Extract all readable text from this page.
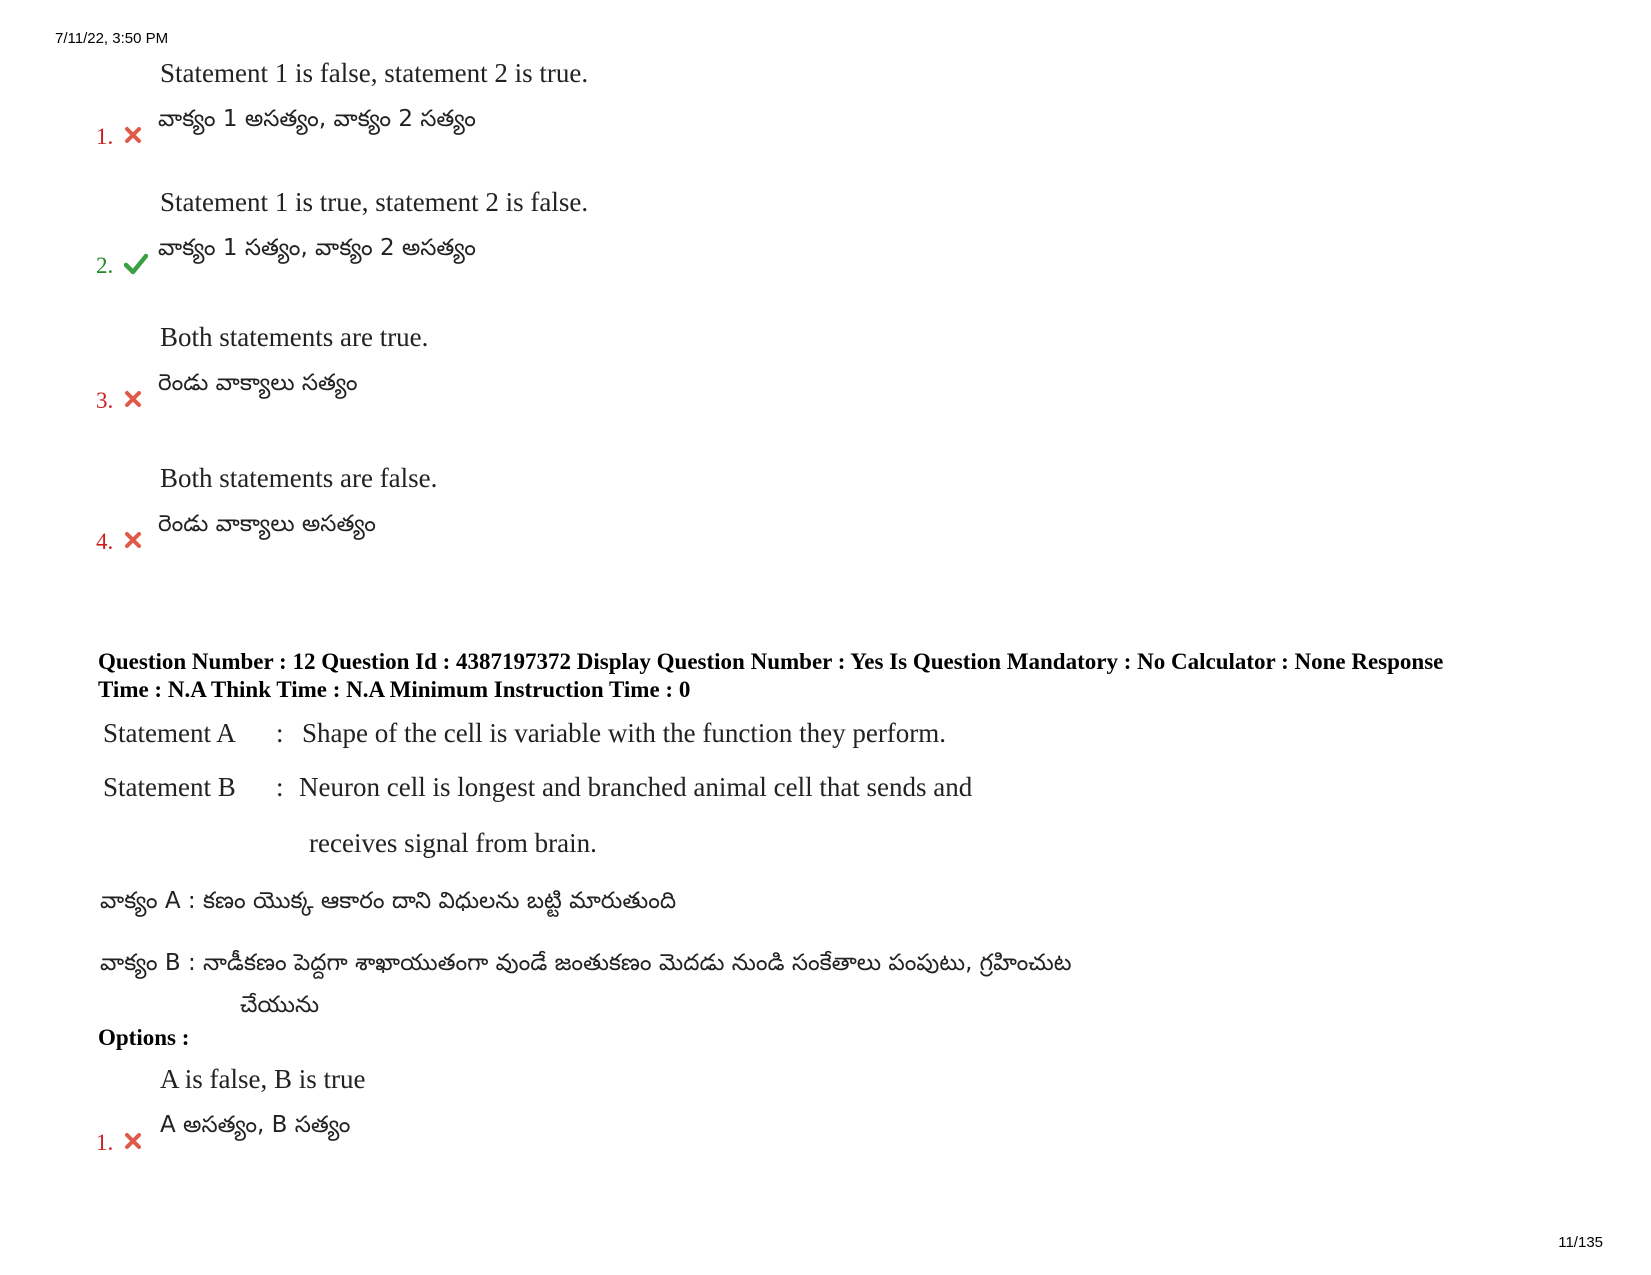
7/11/22, 3:50 PM
Statement 1 is false, statement 2 is true.
వాక్యం 1 అసత్యం, వాక్యం 2 సత్యం
1.
Statement 1 is true, statement 2 is false.
వాక్యం 1 సత్యం, వాక్యం 2 అసత్యం
2.
Both statements are true.
రెండు వాక్యాలు సత్యం
3.
Both statements are false.
రెండు వాక్యాలు అసత్యం
4.
Question Number : 12 Question Id : 4387197372 Display Question Number : Yes Is Question Mandatory : No Calculator : None Response
Time : N.A Think Time : N.A Minimum Instruction Time : 0
Statement A : Shape of the cell is variable with the function they perform.
Statement B : Neuron cell is longest and branched animal cell that sends and
receives signal from brain.
వాక్యం A : కణం యొక్క ఆకారం దాని విధులను బట్టి మారుతుంది
వాక్యం B : నాడీకణం పెద్దగా శాఖాయుతంగా వుండే జంతుకణం మెదడు నుండి సంకేతాలు పంపుటు, గ్రహించుట
చేయును
Options :
A is false, B is true
A అసత్యం, B సత్యం
1.
11/135
